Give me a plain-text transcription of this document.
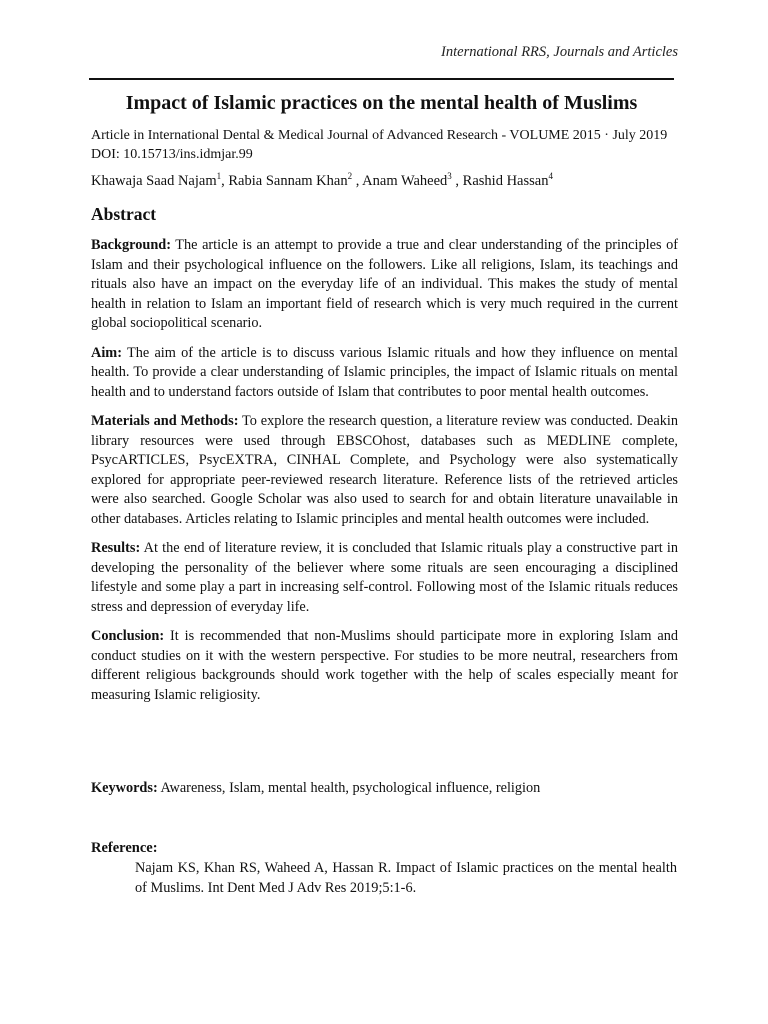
International RRS, Journals and Articles
Impact of Islamic practices on the mental health of Muslims
Article in International Dental & Medical Journal of Advanced Research - VOLUME 2015 · July 2019
DOI: 10.15713/ins.idmjar.99
Khawaja Saad Najam$^1$, Rabia Sannam Khan$^2$ , Anam Waheed$^3$ , Rashid Hassan$^4$
Abstract

Background: The article is an attempt to provide a true and clear understanding of the principles of Islam and their psychological influence on the followers. Like all religions, Islam, its teachings and rituals also have an impact on the everyday life of an individual. This makes the study of mental health in relation to Islam an important field of research which is very much required in the current global sociopolitical scenario.

Aim: The aim of the article is to discuss various Islamic rituals and how they influence on mental health. To provide a clear understanding of Islamic principles, the impact of Islamic rituals on mental health and to understand factors outside of Islam that contributes to poor mental health outcomes.

Materials and Methods: To explore the research question, a literature review was conducted. Deakin library resources were used through EBSCOhost, databases such as MEDLINE complete, PsycARTICLES, PsycEXTRA, CINHAL Complete, and Psychology were also systematically explored for appropriate peer-reviewed research literature. Reference lists of the retrieved articles were also searched. Google Scholar was also used to search for and obtain literature unavailable in other databases. Articles relating to Islamic principles and mental health outcomes were included.

Results: At the end of literature review, it is concluded that Islamic rituals play a constructive part in developing the personality of the believer where some rituals are seen encouraging a disciplined lifestyle and some play a part in increasing self-control. Following most of the Islamic rituals reduces stress and depression of everyday life.

Conclusion: It is recommended that non-Muslims should participate more in exploring Islam and conduct studies on it with the western perspective. For studies to be more neutral, researchers from different religious backgrounds should work together with the help of scales especially meant for measuring Islamic religiosity.

Keywords: Awareness, Islam, mental health, psychological influence, religion
Reference:
Najam KS, Khan RS, Waheed A, Hassan R. Impact of Islamic practices on the mental health of Muslims. Int Dent Med J Adv Res 2019;5:1-6.
